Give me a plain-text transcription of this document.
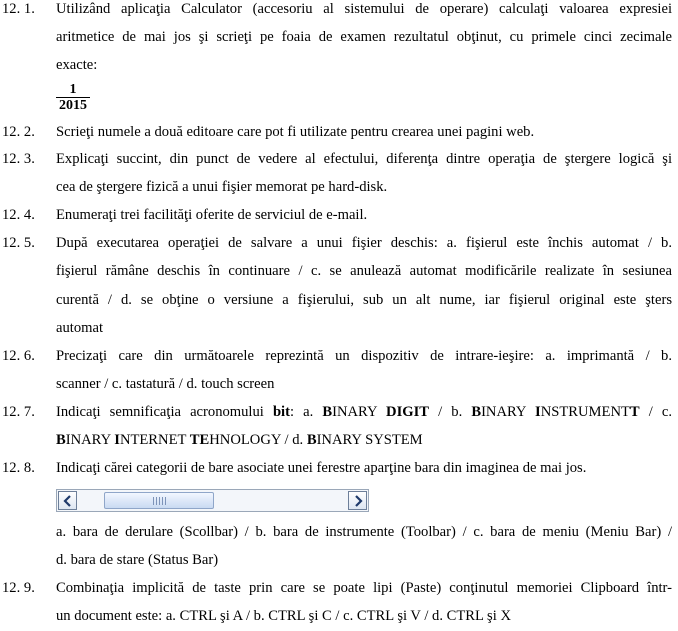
12. 1. Utilizând aplicaţia Calculator (accesoriu al sistemului de operare) calculaţi valoarea expresiei
aritmetice de mai jos şi scrieţi pe foaia de examen rezultatul obţinut, cu primele cinci zecimale
exacte:
1
2015
12. 2. Scrieţi numele a două editoare care pot fi utilizate pentru crearea unei pagini web.
12. 3. Explicaţi succint, din punct de vedere al efectului, diferenţa dintre operaţia de ştergere logică şi
cea de ştergere fizică a unui fişier memorat pe hard-disk.
12. 4. Enumeraţi trei facilităţi oferite de serviciul de e-mail.
12. 5. După executarea operaţiei de salvare a unui fişier deschis: a. fişierul este închis automat / b.
fişierul rămâne deschis în continuare / c. se anulează automat modificările realizate în sesiunea
curentă / d. se obţine o versiune a fişierului, sub un alt nume, iar fişierul original este şters
automat
12. 6. Precizaţi care din următoarele reprezintă un dispozitiv de intrare-ieşire: a. imprimantă / b.
scanner / c. tastatură / d. touch screen
12. 7. Indicaţi semnificaţia acronomului bit: a. BINARY DIGIT / b. BINARY INSTRUMENTT / c.
BINARY INTERNET TEHNOLOGY / d. BINARY SYSTEM
12. 8. Indicaţi cărei categorii de bare asociate unei ferestre aparţine bara din imaginea de mai jos.
a. bara de derulare (Scollbar) / b. bara de instrumente (Toolbar) / c. bara de meniu (Meniu Bar) /
d. bara de stare (Status Bar)
12. 9. Combinaţia implicită de taste prin care se poate lipi (Paste) conţinutul memoriei Clipboard într-
un document este: a. CTRL şi A / b. CTRL şi C / c. CTRL şi V / d. CTRL şi X
